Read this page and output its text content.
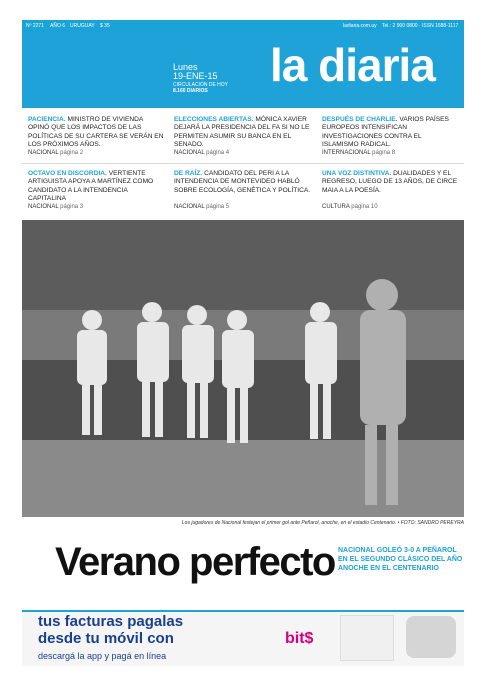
Nº 2271 AÑO 6 URUGUAY $ 35	ladiaria.com.uy Tel.: 2 900 0800 · ISSN 1688-1117
Lunes
19-ENE-15
CIRCULACIÓN DE HOY
8.160 DIARIOS la diaria
PACIENCIA. MINISTRO DE VIVIENDA OPINÓ QUE LOS IMPACTOS DE LAS POLÍTICAS DE SU CARTERA SE VERÁN EN LOS PRÓXIMOS AÑOS.
NACIONAL página 2
ELECCIONES ABIERTAS. MÓNICA XAVIER DEJARÁ LA PRESIDENCIA DEL FA SI NO LE PERMITEN ASUMIR SU BANCA EN EL SENADO.
NACIONAL página 4
DESPUÉS DE CHARLIE. VARIOS PAÍSES EUROPEOS INTENSIFICAN INVESTIGACIONES CONTRA EL ISLAMISMO RADICAL.
INTERNACIONAL página 8
OCTAVO EN DISCORDIA. VERTIENTE ARTIGUISTA APOYA A MARTÍNEZ COMO CANDIDATO A LA INTENDENCIA CAPITALINA
NACIONAL página 3
DE RAÍZ. CANDIDATO DEL PERI A LA INTENDENCIA DE MONTEVIDEO HABLÓ SOBRE ECOLOGÍA, GENÉTICA Y POLÍTICA.
NACIONAL página 5
UNA VOZ DISTINTIVA. DUALIDADES Y EL REGRESO, LUEGO DE 13 AÑOS, DE CIRCE MAIA A LA POESÍA.
CULTURA página 10
Los jugadores de Nacional festejan el primer gol ante Peñarol, anoche, en el estadio Centenario. • FOTO: SANDRO PEREYRA
Verano perfecto NACIONAL GOLEÓ 3-0 A PEÑAROL EN EL SEGUNDO CLÁSICO DEL AÑO ANOCHE EN EL CENTENARIO
tus facturas pagalas
desde tu móvil con	bit$
descargá la app y pagá en línea
